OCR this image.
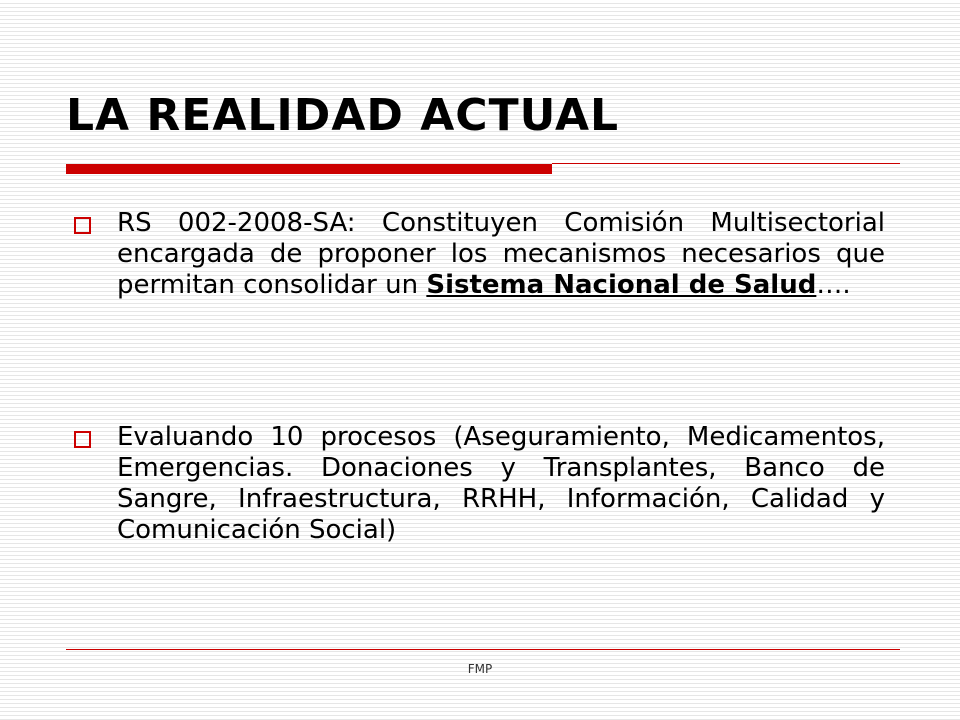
LA REALIDAD ACTUAL
RS 002-2008-SA: Constituyen Comisión Multisectorial encargada de proponer los mecanismos necesarios que permitan consolidar un Sistema Nacional de Salud….
Evaluando 10 procesos (Aseguramiento, Medicamentos, Emergencias. Donaciones y Transplantes, Banco de Sangre, Infraestructura, RRHH, Información, Calidad y Comunicación Social)
FMP
